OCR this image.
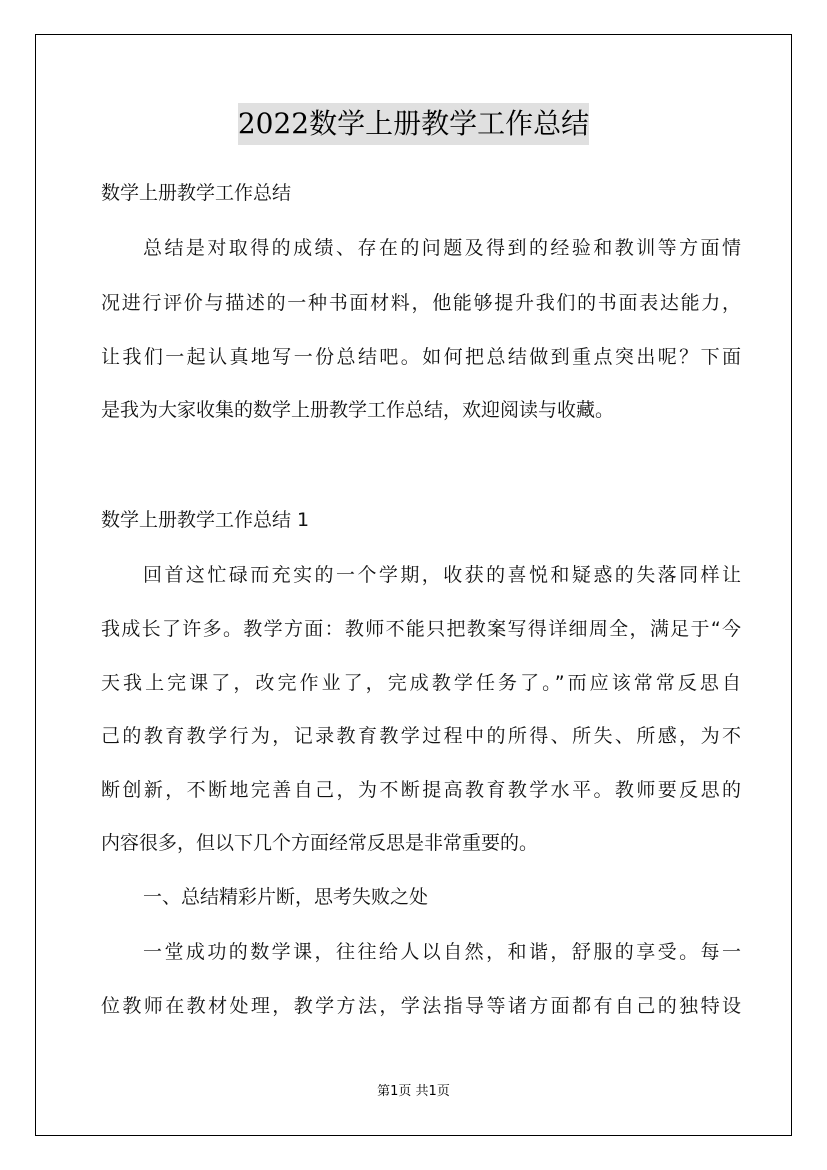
2022数学上册教学工作总结
数学上册教学工作总结
总结是对取得的成绩、存在的问题及得到的经验和教训等方面情
况进行评价与描述的一种书面材料，他能够提升我们的书面表达能力，
让我们一起认真地写一份总结吧。如何把总结做到重点突出呢？下面
是我为大家收集的数学上册教学工作总结，欢迎阅读与收藏。
数学上册教学工作总结 1
回首这忙碌而充实的一个学期，收获的喜悦和疑惑的失落同样让
我成长了许多。教学方面：教师不能只把教案写得详细周全，满足于“今
天我上完课了，改完作业了，完成教学任务了。”而应该常常反思自
己的教育教学行为，记录教育教学过程中的所得、所失、所感，为不
断创新，不断地完善自己，为不断提高教育教学水平。教师要反思的
内容很多，但以下几个方面经常反思是非常重要的。
一、总结精彩片断，思考失败之处
一堂成功的数学课，往往给人以自然，和谐，舒服的享受。每一
位教师在教材处理，教学方法，学法指导等诸方面都有自己的独特设
第1页 共1页
